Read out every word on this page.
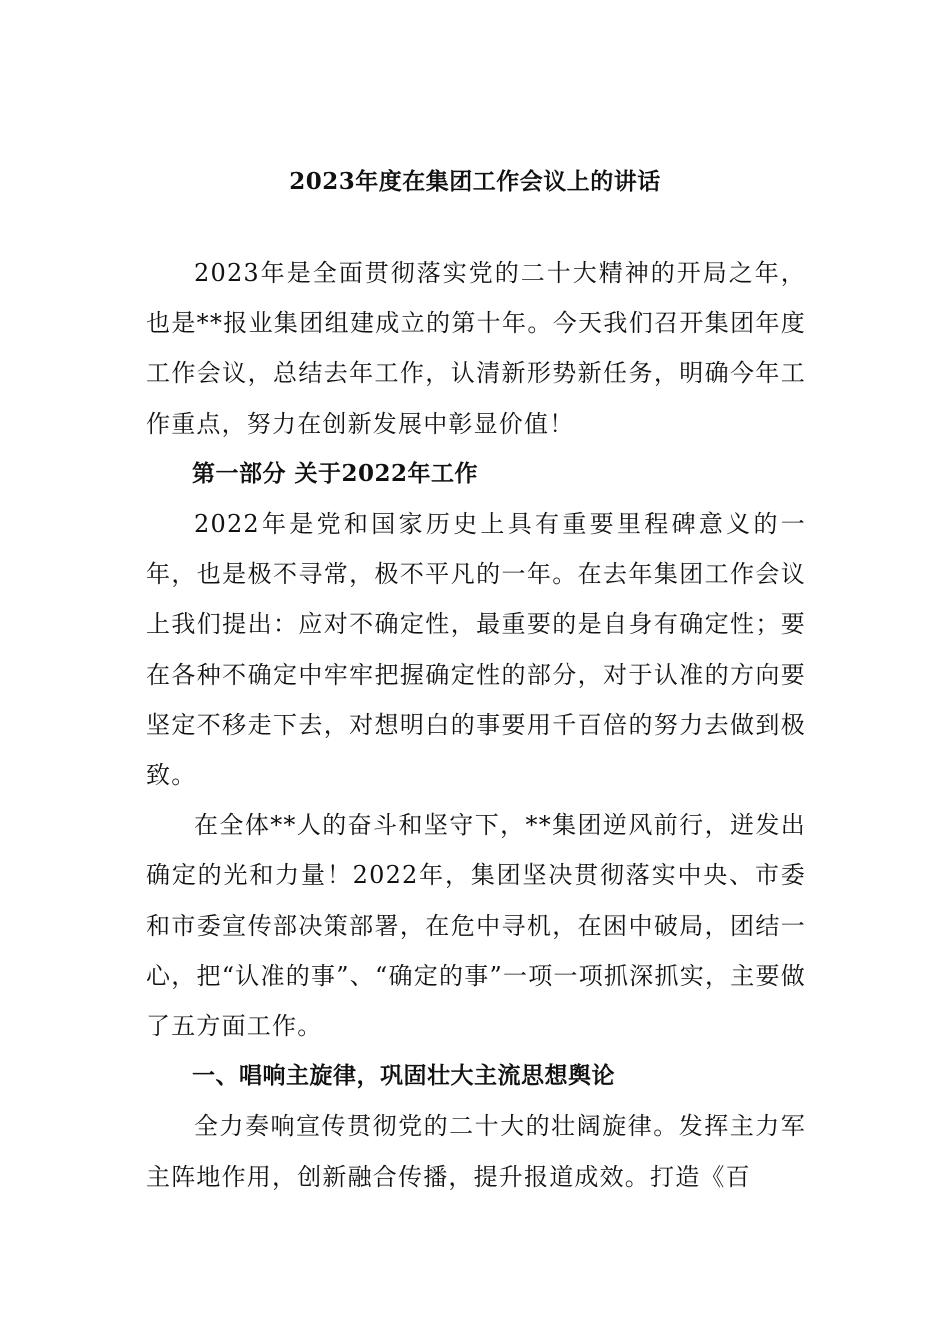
2023年度在集团工作会议上的讲话

2023年是全面贯彻落实党的二十大精神的开局之年，也是**报业集团组建成立的第十年。今天我们召开集团年度工作会议，总结去年工作，认清新形势新任务，明确今年工作重点，努力在创新发展中彰显价值！

第一部分 关于2022年工作

2022年是党和国家历史上具有重要里程碑意义的一年，也是极不寻常，极不平凡的一年。在去年集团工作会议上我们提出：应对不确定性，最重要的是自身有确定性；要在各种不确定中牢牢把握确定性的部分，对于认准的方向要坚定不移走下去，对想明白的事要用千百倍的努力去做到极致。

在全体**人的奋斗和坚守下，**集团逆风前行，迸发出确定的光和力量！2022年，集团坚决贯彻落实中央、市委和市委宣传部决策部署，在危中寻机，在困中破局，团结一心，把“认准的事”、“确定的事”一项一项抓深抓实，主要做了五方面工作。

一、唱响主旋律，巩固壮大主流思想舆论

全力奏响宣传贯彻党的二十大的壮阔旋律。发挥主力军主阵地作用，创新融合传播，提升报道成效。打造《百
